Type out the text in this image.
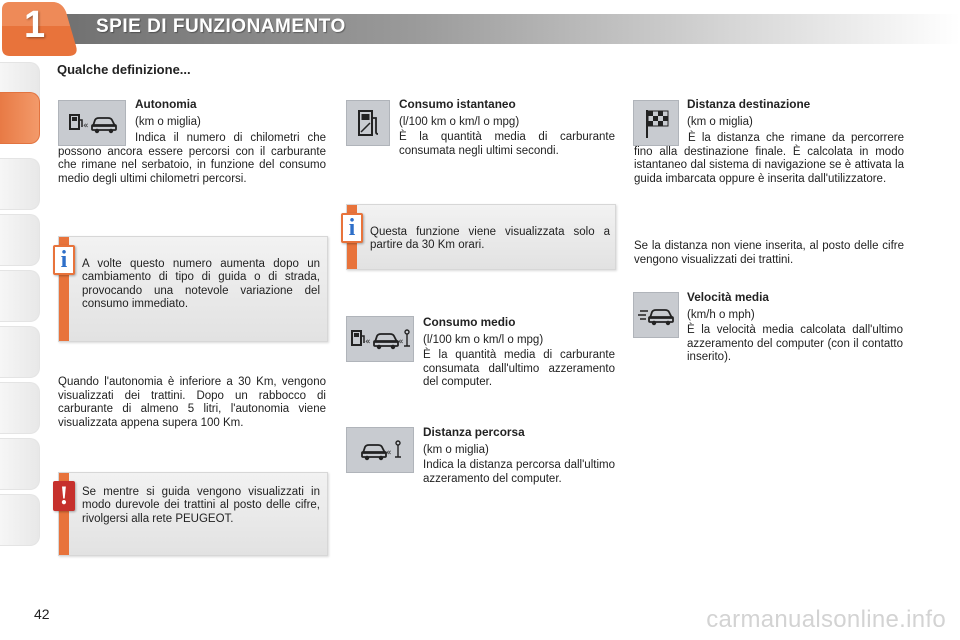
1	SPIE DI FUNZIONAMENTO
Qualche definizione...
«
Autonomia
(km o miglia)

Indica il numero di chilometri che possono ancora essere percorsi con il carburante che rimane nel serbatoio, in funzione del consumo medio degli ultimi chilometri percorsi.

i	A volte questo numero aumenta dopo un cambiamento di tipo di guida o di strada, provocando una notevole variazione del consumo immediato.

Quando l'autonomia è inferiore a 30 Km, vengono visualizzati dei trattini. Dopo un rabbocco di carburante di almeno 5 litri, l'autonomia viene visualizzata appena supera 100 Km.

!	Se mentre si guida vengono visualizzati in modo durevole dei trattini al posto delle cifre, rivolgersi alla rete PEUGEOT.

Consumo istantaneo
(l/100 km o km/l o mpg)

È la quantità media di carburante consumata negli ultimi secondi.

i	Questa funzione viene visualizzata solo a partire da 30 Km orari.

«	«
Consumo medio
(l/100 km o km/l o mpg)

È la quantità media di carburante consumata dall'ultimo azzeramento del computer.

«
Distanza percorsa
(km o miglia)

Indica la distanza percorsa dall'ultimo azzeramento del computer.

Distanza destinazione
(km o miglia)

È la distanza che rimane da percorrere fino alla destinazione finale. È calcolata in modo istantaneo dal sistema di navigazione se è attivata la guida imbarcata oppure è inserita dall'utilizzatore.

Se la distanza non viene inserita, al posto delle cifre vengono visualizzati dei trattini.

Velocità media
(km/h o mph)

È la velocità media calcolata dall'ultimo azzeramento del computer (con il contatto inserito).

42	carmanualsonline.info
